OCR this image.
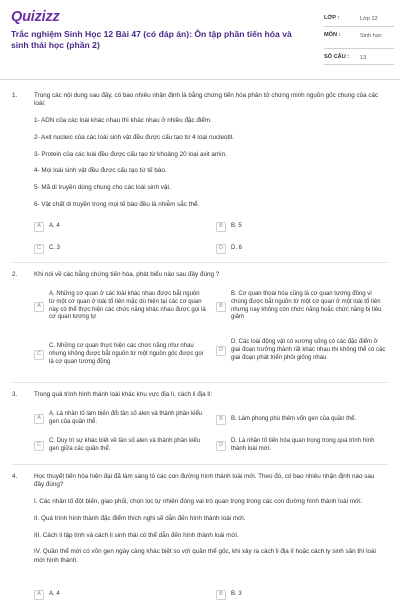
Quizizz
Trắc nghiệm Sinh Học 12 Bài 47 (có đáp án): Ôn tập phần tiến hóa và sinh thái học (phần 2)
LỚP :	Lớp 12
MÔN :	Sinh học
SỐ CÂU :	13
1.	Trong các nội dung sau đây, có bao nhiêu nhận định là bằng chứng tiến hóa phân tử chứng minh nguồn gốc chung của các loài:
1- ADN của các loài khác nhau thì khác nhau ở nhiều đặc điểm.
2- Axit nucleic của các loài sinh vật đều được cấu tạo từ 4 loại nucleotit.
3- Protein của các loài đều được cấu tạo từ khoảng 20 loại axit amin.
4- Mọi loài sinh vật đều được cấu tạo từ tế bào.
5- Mã di truyền dùng chung cho các loài sinh vật.
6- Vật chất di truyền trong mọi tế bào đều là nhiễm sắc thể.
A	A. 4	B	B. 5
C	C. 3	D	D. 6
2.	Khi nói về các bằng chứng tiến hóa, phát biểu nào sau đây đúng ?
A
A. Những cơ quan ở các loài khác nhau được bắt nguồn từ một cơ quan ở loài tổ tiên mặc dù hiện tại các cơ quan này có thể thực hiện các chức năng khác nhau được gọi là cơ quan tương tự
B
B. Cơ quan thoái hóa cũng là cơ quan tương đồng vì chúng được bắt nguồn từ một cơ quan ở một loài tổ tiên nhưng nay không còn chức năng hoặc chức năng bị tiêu giảm
C
C. Những cơ quan thực hiện các chức năng như nhau nhưng không được bắt nguồn từ một nguồn gốc được gọi là cơ quan tương đồng
D
D. Các loài động vật có xương sống có các đặc điểm ở giai đoạn trưởng thành rất khác nhau thì không thể có các giai đoạn phát triển phôi giống nhau
3.	Trong quá trình hình thành loài khác khu vực địa lí, cách li địa lí:
A
A. Là nhân tố làm biến đổi tần số alen và thành phần kiểu gen của quần thể.	B	B. Làm phong phú thêm vốn gen của quần thể.
C
C. Duy trì sự khác biệt về tần số alen và thành phần kiểu gen giữa các quần thể.
D
D. Là nhân tố tiến hóa quan trọng trong quá trình hình thành loài mới.
4.	Học thuyết tiến hóa hiện đại đã làm sáng tỏ các con đường hình thành loài mới. Theo đó, có bao nhiêu nhận định nào sau đây đúng?
I. Các nhân tố đột biến, giao phối, chọn lọc tự nhiên đóng vai trò quan trọng trong các con đường hình thành loài mới.
II. Quá trình hình thành đặc điểm thích nghi sẽ dẫn đến hình thành loài mới.
III. Cách li tập tính và cách li sinh thái có thể dẫn đến hình thành loài mới.
IV. Quần thể mới có vốn gen ngày càng khác biệt so với quần thể gốc, khi xảy ra cách li địa lí hoặc cách ly sinh sản thì loài mới hình thành.
A	A. 4	B	B. 3
